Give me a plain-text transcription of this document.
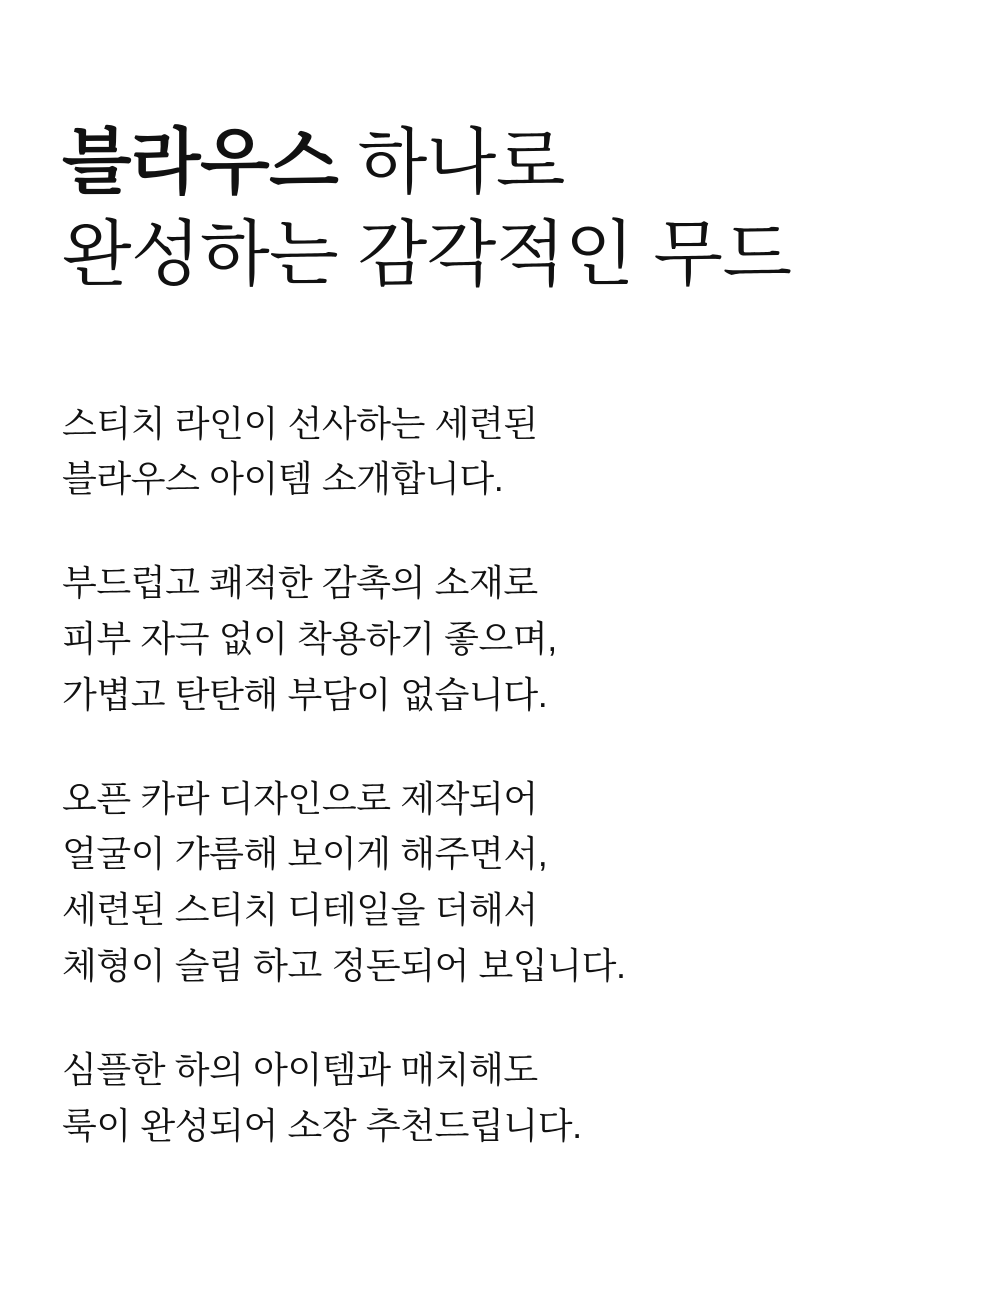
블라우스 하나로
완성하는 감각적인 무드

스티치 라인이 선사하는 세련된
블라우스 아이템 소개합니다.

부드럽고 쾌적한 감촉의 소재로
피부 자극 없이 착용하기 좋으며,
가볍고 탄탄해 부담이 없습니다.

오픈 카라 디자인으로 제작되어
얼굴이 갸름해 보이게 해주면서,
세련된 스티치 디테일을 더해서
체형이 슬림 하고 정돈되어 보입니다.

심플한 하의 아이템과 매치해도
룩이 완성되어 소장 추천드립니다.
